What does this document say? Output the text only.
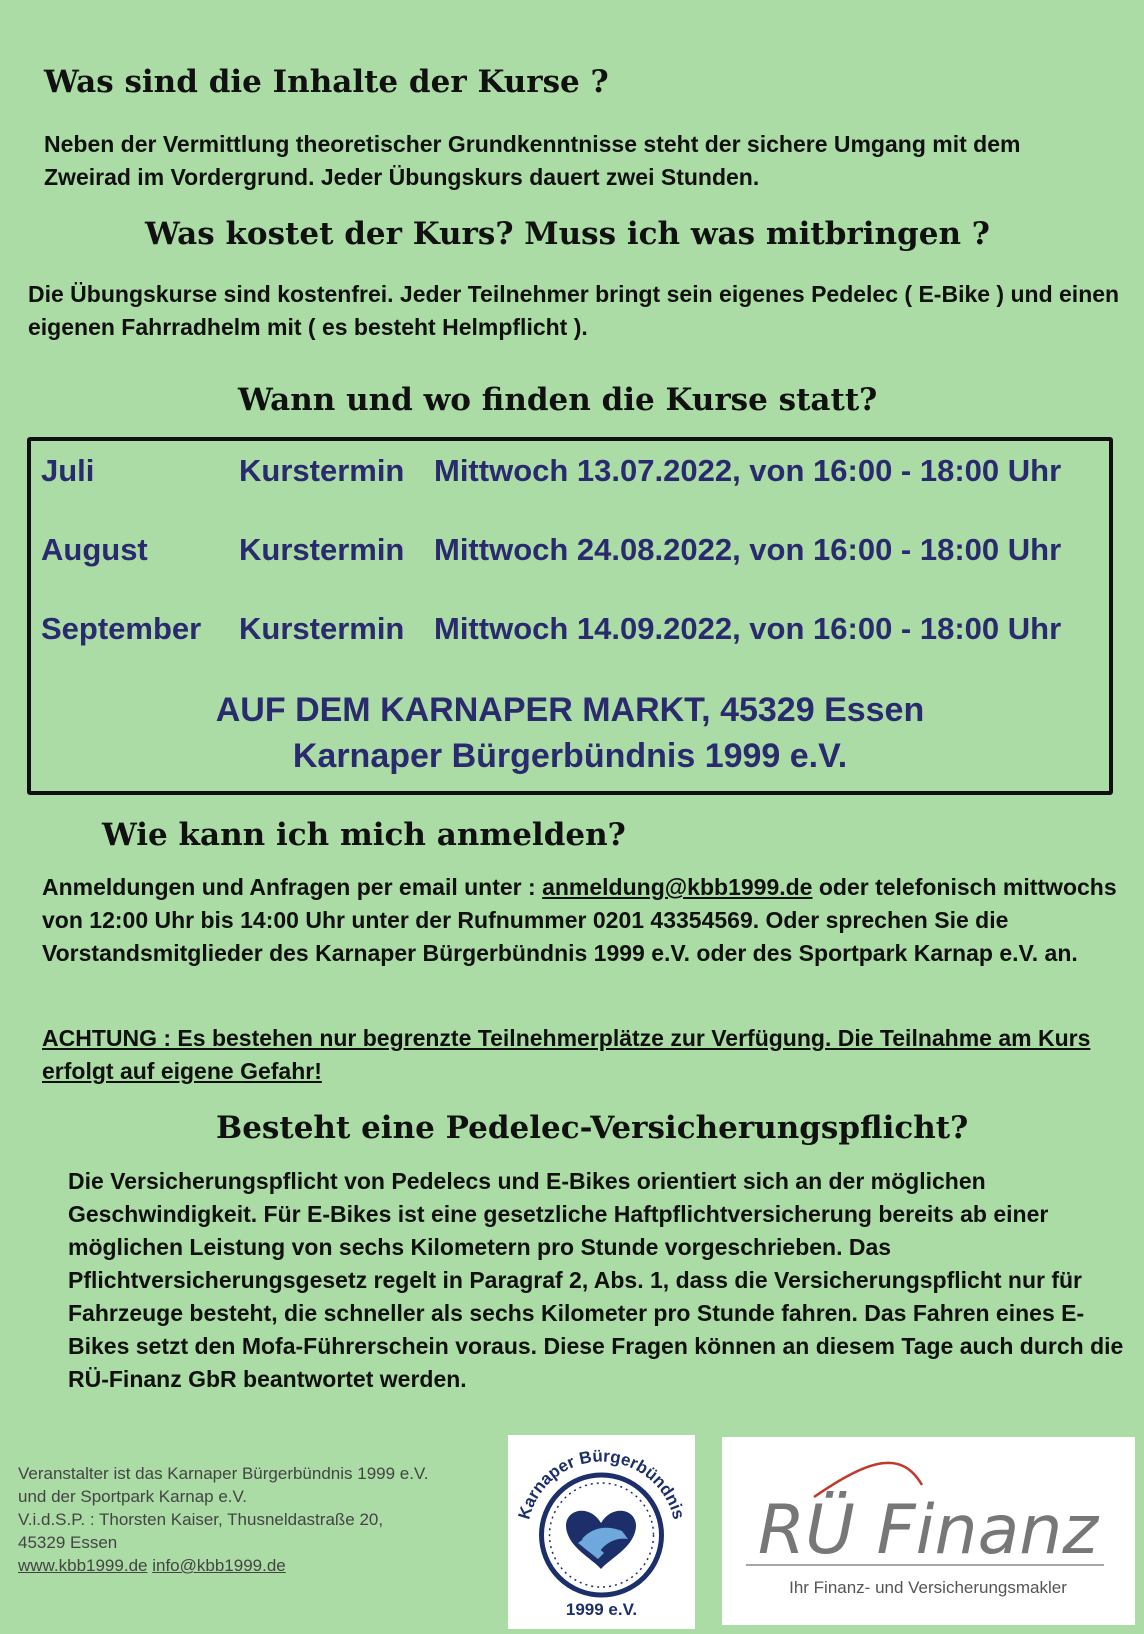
Was sind die Inhalte der Kurse ?

Neben der Vermittlung theoretischer Grundkenntnisse steht der sichere Umgang mit dem Zweirad im Vordergrund. Jeder Übungskurs dauert zwei Stunden.

Was kostet der Kurs? Muss ich was mitbringen ?

Die Übungskurse sind kostenfrei. Jeder Teilnehmer bringt sein eigenes Pedelec ( E-Bike ) und einen eigenen Fahrradhelm mit ( es besteht Helmpflicht ).

Wann und wo finden die Kurse statt?
Juli	Kurstermin Mittwoch 13.07.2022, von 16:00 - 18:00 Uhr
August	Kurstermin Mittwoch 24.08.2022, von 16:00 - 18:00 Uhr
September Kurstermin Mittwoch 14.09.2022, von 16:00 - 18:00 Uhr
AUF DEM KARNAPER MARKT, 45329 Essen
Karnaper Bürgerbündnis 1999 e.V.
Wie kann ich mich anmelden?

Anmeldungen und Anfragen per email unter : anmeldung@kbb1999.de oder telefonisch mittwochs von 12:00 Uhr bis 14:00 Uhr unter der Rufnummer 0201 43354569. Oder sprechen Sie die Vorstandsmitglieder des Karnaper Bürgerbündnis 1999 e.V. oder des Sportpark Karnap e.V. an.

ACHTUNG : Es bestehen nur begrenzte Teilnehmerplätze zur Verfügung. Die Teilnahme am Kurs erfolgt auf eigene Gefahr!

Besteht eine Pedelec-Versicherungspflicht?

Die Versicherungspflicht von Pedelecs und E-Bikes orientiert sich an der möglichen Geschwindigkeit. Für E-Bikes ist eine gesetzliche Haftpflichtversicherung bereits ab einer möglichen Leistung von sechs Kilometern pro Stunde vorgeschrieben. Das Pflichtversicherungsgesetz regelt in Paragraf 2, Abs. 1, dass die Versicherungspflicht nur für Fahrzeuge besteht, die schneller als sechs Kilometer pro Stunde fahren. Das Fahren eines E-Bikes setzt den Mofa-Führerschein voraus. Diese Fragen können an diesem Tage auch durch die RÜ-Finanz GbR beantwortet werden.

Veranstalter ist das Karnaper Bürgerbündnis 1999 e.V.
und der Sportpark Karnap e.V.
V.i.d.S.P. : Thorsten Kaiser, Thusneldastraße 20,
45329 Essen
www.kbb1999.de info@kbb1999.de
Karnaper Bürgerbündnis
1999 e.V.
RÜ Finanz
Ihr Finanz- und Versicherungsmakler
